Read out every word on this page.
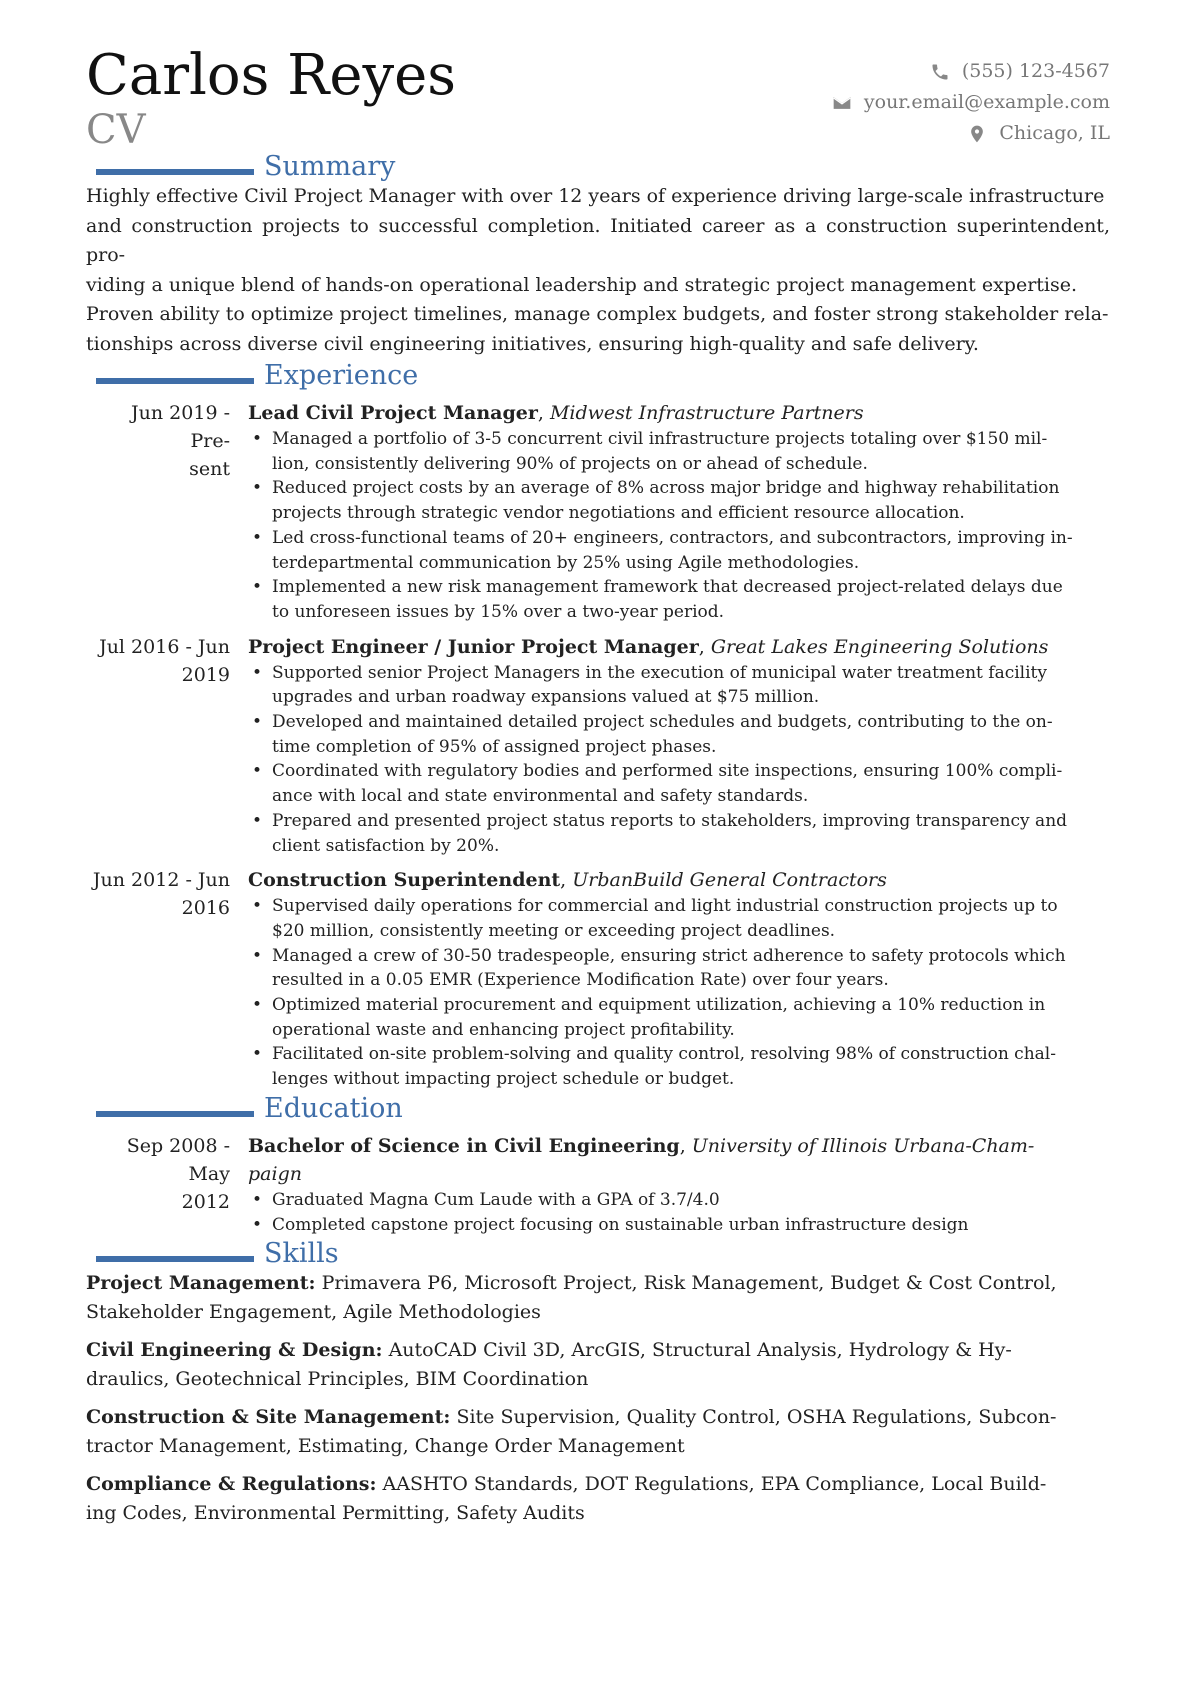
Carlos Reyes
CV
(555) 123-4567
your.email@example.com
Chicago, IL
Summary
Highly effective Civil Project Manager with over 12 years of experience driving large-scale infrastructure
and construction projects to successful completion. Initiated career as a construction superintendent, pro-
viding a unique blend of hands-on operational leadership and strategic project management expertise.
Proven ability to optimize project timelines, manage complex budgets, and foster strong stakeholder rela-
tionships across diverse civil engineering initiatives, ensuring high-quality and safe delivery.
Experience
Jun 2019 - Pre-
sent
Lead Civil Project Manager, Midwest Infrastructure Partners
• Managed a portfolio of 3-5 concurrent civil infrastructure projects totaling over $150 mil-
lion, consistently delivering 90% of projects on or ahead of schedule.
• Reduced project costs by an average of 8% across major bridge and highway rehabilitation
projects through strategic vendor negotiations and efficient resource allocation.
• Led cross-functional teams of 20+ engineers, contractors, and subcontractors, improving in-
terdepartmental communication by 25% using Agile methodologies.
• Implemented a new risk management framework that decreased project-related delays due
to unforeseen issues by 15% over a two-year period.
Jul 2016 - Jun
2019
Project Engineer / Junior Project Manager, Great Lakes Engineering Solutions
• Supported senior Project Managers in the execution of municipal water treatment facility
upgrades and urban roadway expansions valued at $75 million.
• Developed and maintained detailed project schedules and budgets, contributing to the on-
time completion of 95% of assigned project phases.
• Coordinated with regulatory bodies and performed site inspections, ensuring 100% compli-
ance with local and state environmental and safety standards.
• Prepared and presented project status reports to stakeholders, improving transparency and
client satisfaction by 20%.
Jun 2012 - Jun
2016
Construction Superintendent, UrbanBuild General Contractors
• Supervised daily operations for commercial and light industrial construction projects up to
$20 million, consistently meeting or exceeding project deadlines.
• Managed a crew of 30-50 tradespeople, ensuring strict adherence to safety protocols which
resulted in a 0.05 EMR (Experience Modification Rate) over four years.
• Optimized material procurement and equipment utilization, achieving a 10% reduction in
operational waste and enhancing project profitability.
• Facilitated on-site problem-solving and quality control, resolving 98% of construction chal-
lenges without impacting project schedule or budget.
Education
Sep 2008 - May
2012
Bachelor of Science in Civil Engineering, University of Illinois Urbana-Cham-
paign
• Graduated Magna Cum Laude with a GPA of 3.7/4.0
• Completed capstone project focusing on sustainable urban infrastructure design
Skills
Project Management: Primavera P6, Microsoft Project, Risk Management, Budget & Cost Control,
Stakeholder Engagement, Agile Methodologies
Civil Engineering & Design: AutoCAD Civil 3D, ArcGIS, Structural Analysis, Hydrology & Hy-
draulics, Geotechnical Principles, BIM Coordination
Construction & Site Management: Site Supervision, Quality Control, OSHA Regulations, Subcon-
tractor Management, Estimating, Change Order Management
Compliance & Regulations: AASHTO Standards, DOT Regulations, EPA Compliance, Local Build-
ing Codes, Environmental Permitting, Safety Audits
